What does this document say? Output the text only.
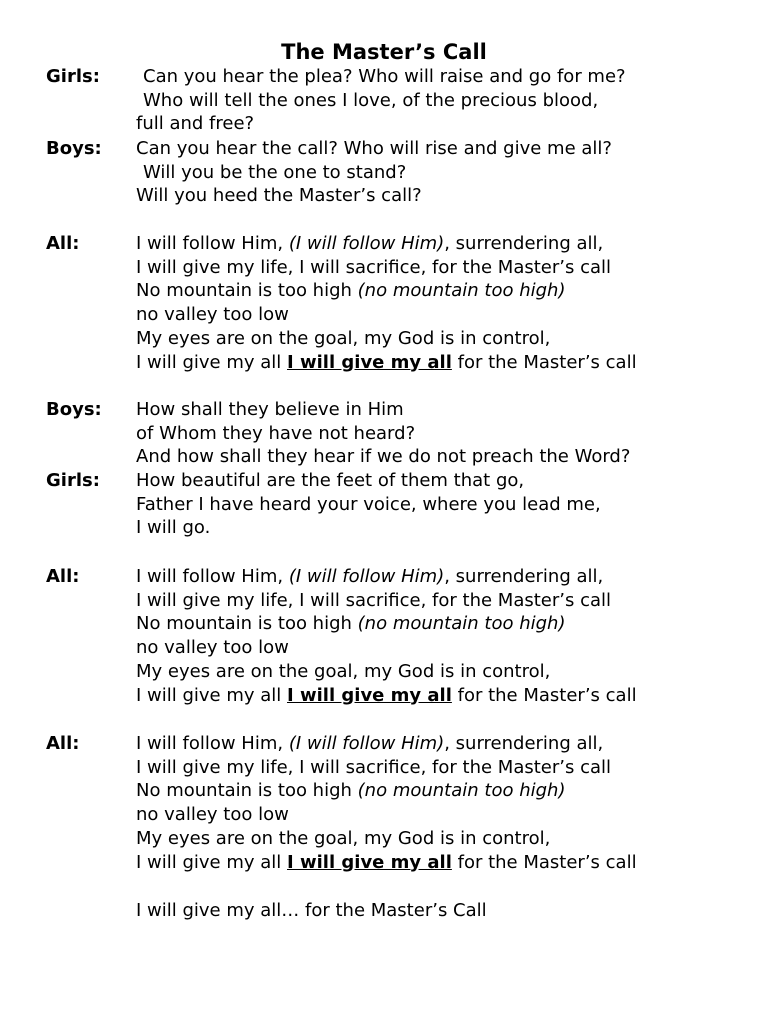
The Master’s Call
Girls:	Can you hear the plea? Who will raise and go for me?
Who will tell the ones I love, of the precious blood,
full and free?
Boys: Can you hear the call? Who will rise and give me all?
Will you be the one to stand?
Will you heed the Master’s call?
All:	I will follow Him, (I will follow Him), surrendering all,
I will give my life, I will sacrifice, for the Master’s call
No mountain is too high (no mountain too high)
no valley too low
My eyes are on the goal, my God is in control,
I will give my all I will give my all for the Master’s call
Boys: How shall they believe in Him
of Whom they have not heard?
And how shall they hear if we do not preach the Word?
Girls: How beautiful are the feet of them that go,
Father I have heard your voice, where you lead me,
I will go.
All:	I will follow Him, (I will follow Him), surrendering all,
I will give my life, I will sacrifice, for the Master’s call
No mountain is too high (no mountain too high)
no valley too low
My eyes are on the goal, my God is in control,
I will give my all I will give my all for the Master’s call
All:	I will follow Him, (I will follow Him), surrendering all,
I will give my life, I will sacrifice, for the Master’s call
No mountain is too high (no mountain too high)
no valley too low
My eyes are on the goal, my God is in control,
I will give my all I will give my all for the Master’s call
I will give my all… for the Master’s Call
